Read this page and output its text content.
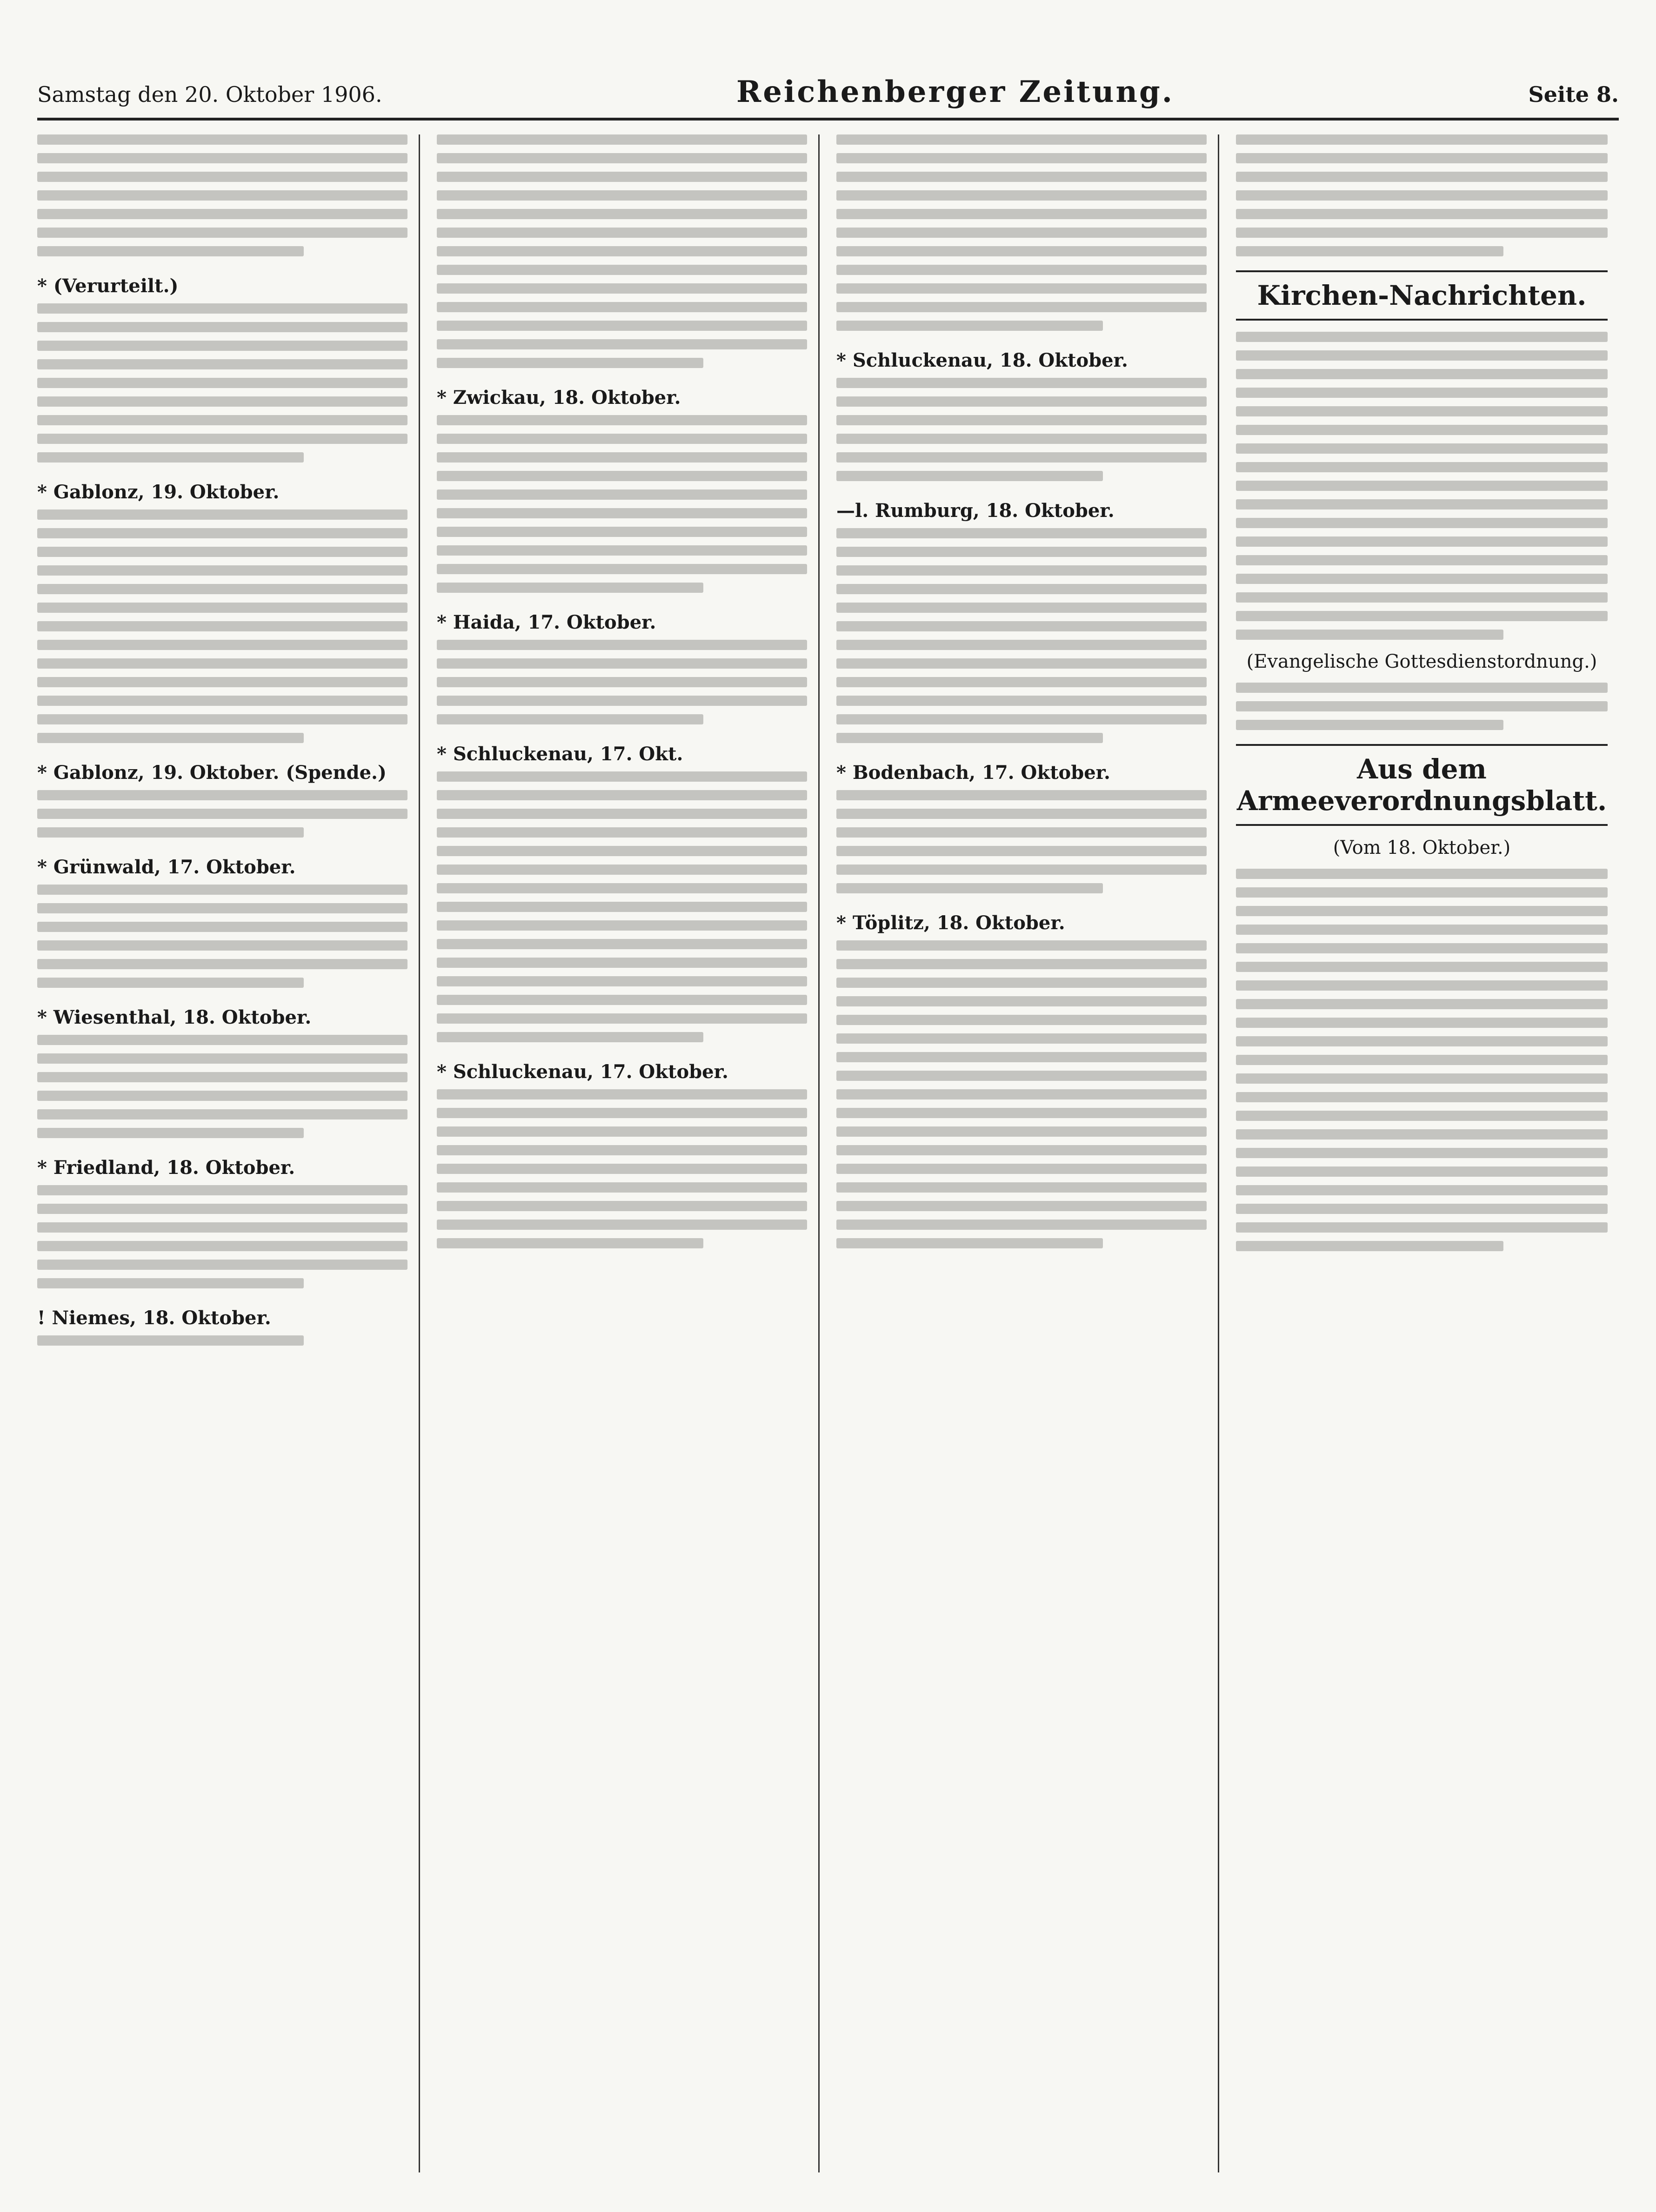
Samstag den 20. Oktober 1906.	Reichenberger Zeitung.	Seite 8.
* (Verurteilt.)
* Gablonz, 19. Oktober.
* Gablonz, 19. Oktober. (Spende.)
* Grünwald, 17. Oktober.
* Wiesenthal, 18. Oktober.
* Friedland, 18. Oktober.
! Niemes, 18. Oktober.
* Zwickau, 18. Oktober.
* Haida, 17. Oktober.
* Schluckenau, 17. Okt.
* Schluckenau, 17. Oktober.
* Schluckenau, 18. Oktober.
—l. Rumburg, 18. Oktober.
* Bodenbach, 17. Oktober.
* Töplitz, 18. Oktober.
Kirchen-Nachrichten.
(Evangelische Gottesdienstordnung.)
Aus dem Armeeverordnungsblatt.
(Vom 18. Oktober.)
